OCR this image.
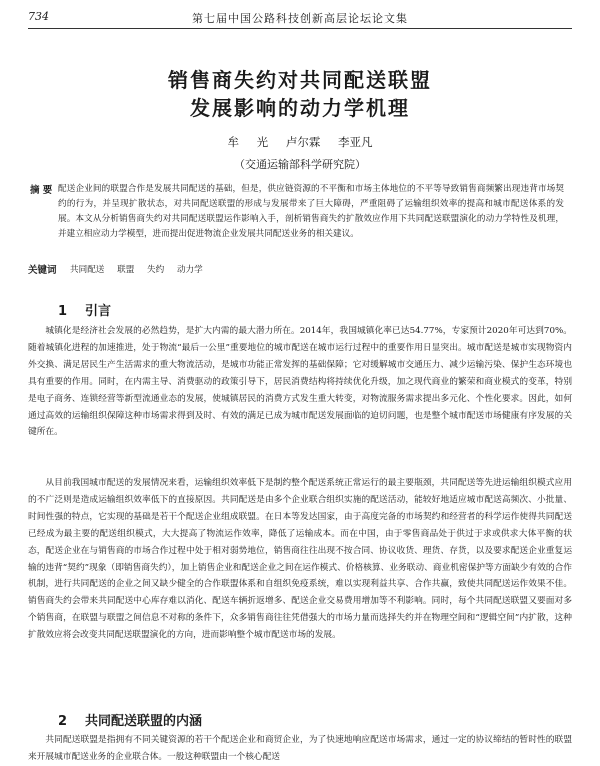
734	第七届中国公路科技创新高层论坛论文集
销售商失约对共同配送联盟
发展影响的动力学机理
牟 光 卢尔霖 李亚凡
（交通运输部科学研究院）
摘 要 配送企业间的联盟合作是发展共同配送的基础，但是，供应链资源的不平衡和市场主体地位的不平等导致销售商频繁出现违背市场契约的行为，并呈现扩散状态，对共同配送联盟的形成与发展带来了巨大障碍，严重阻碍了运输组织效率的提高和城市配送体系的发展。本文从分析销售商失约对共同配送联盟运作影响入手，剖析销售商失约扩散效应作用下共同配送联盟演化的动力学特性及机理，并建立相应动力学模型，进而提出促进物流企业发展共同配送业务的相关建议。
关键词 共同配送 联盟 失约 动力学
1 引言
城镇化是经济社会发展的必然趋势，是扩大内需的最大潜力所在。2014年，我国城镇化率已达54.77%，专家预计2020年可达到70%。随着城镇化进程的加速推进，处于物流“最后一公里”重要地位的城市配送在城市运行过程中的重要作用日显突出。城市配送是城市实现物资内外交换、满足居民生产生活需求的重大物流活动，是城市功能正常发挥的基础保障；它对缓解城市交通压力、减少运输污染、保护生态环境也具有重要的作用。同时，在内需主导、消费驱动的政策引导下，居民消费结构将持续优化升级，加之现代商业的繁荣和商业模式的变革，特别是电子商务、连锁经营等新型流通业态的发展，使城镇居民的消费方式发生重大转变，对物流服务需求提出多元化、个性化要求。因此，如何通过高效的运输组织保障这种市场需求得到及时、有效的满足已成为城市配送发展面临的迫切问题，也是整个城市配送市场健康有序发展的关键所在。
从目前我国城市配送的发展情况来看，运输组织效率低下是制约整个配送系统正常运行的最主要瓶颈，共同配送等先进运输组织模式应用的不广泛则是造成运输组织效率低下的直接原因。共同配送是由多个企业联合组织实施的配送活动，能较好地适应城市配送高频次、小批量、时间性强的特点，它实现的基础是若干个配送企业组成联盟。在日本等发达国家，由于高度完备的市场契约和经营者的科学运作使得共同配送已经成为最主要的配送组织模式，大大提高了物流运作效率，降低了运输成本。而在中国，由于零售商品处于供过于求或供求大体平衡的状态，配送企业在与销售商的市场合作过程中处于相对弱势地位，销售商往往出现不按合同、协议收货、理货、存货，以及要求配送企业重复运输的违背“契约”现象（即销售商失约），加上销售企业和配送企业之间在运作模式、价格核算、业务联动、商业机密保护等方面缺少有效的合作机制，进行共同配送的企业之间又缺少健全的合作联盟体系和自组织免疫系统，难以实现利益共享、合作共赢，致使共同配送运作效果不佳。销售商失约会带来共同配送中心库存难以消化、配送车辆折返增多、配送企业交易费用增加等不利影响。同时，每个共同配送联盟又要面对多个销售商，在联盟与联盟之间信息不对称的条件下，众多销售商往往凭借强大的市场力量而选择失约并在物理空间和“逻辑空间”内扩散，这种扩散效应将会改变共同配送联盟演化的方向，进而影响整个城市配送市场的发展。
2 共同配送联盟的内涵
共同配送联盟是指拥有不同关键资源的若干个配送企业和商贸企业，为了快速地响应配送市场需求，通过一定的协议缔结的暂时性的联盟来开展城市配送业务的企业联合体。一般这种联盟由一个核心配送
